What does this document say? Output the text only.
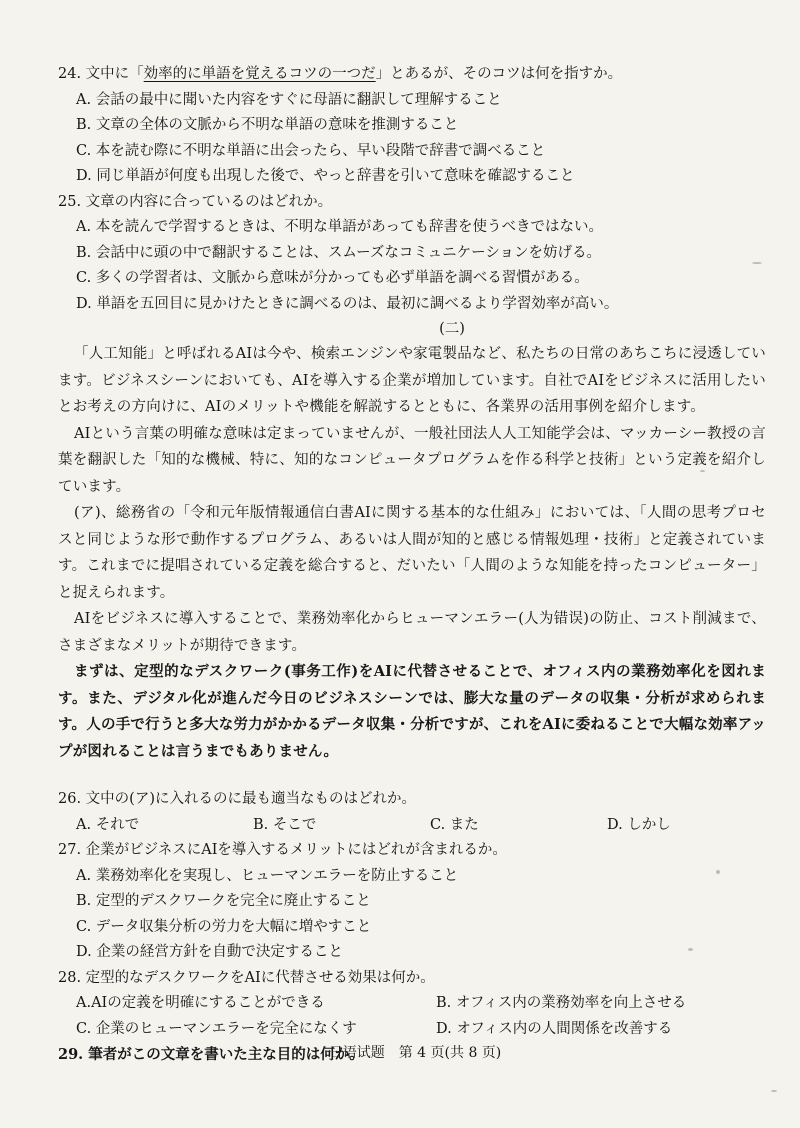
24. 文中に「効率的に単語を覚えるコツの一つだ」とあるが、そのコツは何を指すか。
A. 会話の最中に聞いた内容をすぐに母語に翻訳して理解すること
B. 文章の全体の文脈から不明な単語の意味を推測すること
C. 本を読む際に不明な単語に出会ったら、早い段階で辞書で調べること
D. 同じ単語が何度も出現した後で、やっと辞書を引いて意味を確認すること
25. 文章の内容に合っているのはどれか。
A. 本を読んで学習するときは、不明な単語があっても辞書を使うべきではない。
B. 会話中に頭の中で翻訳することは、スムーズなコミュニケーションを妨げる。
C. 多くの学習者は、文脈から意味が分かっても必ず単語を調べる習慣がある。
D. 単語を五回目に見かけたときに調べるのは、最初に調べるより学習効率が高い。
(二)
「人工知能」と呼ばれるAIは今や、検索エンジンや家電製品など、私たちの日常のあちこちに浸透しています。ビジネスシーンにおいても、AIを導入する企業が増加しています。自社でAIをビジネスに活用したいとお考えの方向けに、AIのメリットや機能を解説するとともに、各業界の活用事例を紹介します。
AIという言葉の明確な意味は定まっていませんが、一般社団法人人工知能学会は、マッカーシー教授の言葉を翻訳した「知的な機械、特に、知的なコンピュータプログラムを作る科学と技術」という定義を紹介しています。
(ア)、総務省の「令和元年版情報通信白書AIに関する基本的な仕組み」においては、「人間の思考プロセスと同じような形で動作するプログラム、あるいは人間が知的と感じる情報処理・技術」と定義されています。これまでに提唱されている定義を総合すると、だいたい「人間のような知能を持ったコンピューター」と捉えられます。
AIをビジネスに導入することで、業務効率化からヒューマンエラー(人为错误)の防止、コスト削減まで、さまざまなメリットが期待できます。
まずは、定型的なデスクワーク(事务工作)をAIに代替させることで、オフィス内の業務効率化を図れます。また、デジタル化が進んだ今日のビジネスシーンでは、膨大な量のデータの収集・分析が求められます。人の手で行うと多大な労力がかかるデータ収集・分析ですが、これをAIに委ねることで大幅な効率アップが図れることは言うまでもありません。
26. 文中の(ア)に入れるのに最も適当なものはどれか。
A. それで	B. そこで	C. また	D. しかし
27. 企業がビジネスにAIを導入するメリットにはどれが含まれるか。
A. 業務効率化を実現し、ヒューマンエラーを防止すること
B. 定型的デスクワークを完全に廃止すること
C. データ収集分析の労力を大幅に増やすこと
D. 企業の経営方針を自動で決定すること
28. 定型的なデスクワークをAIに代替させる効果は何か。
A.AIの定義を明確にすることができる	B. オフィス内の業務効率を向上させる
C. 企業のヒューマンエラーを完全になくす	D. オフィス内の人間関係を改善する
29. 筆者がこの文章を書いた主な目的は何か。
日语试题　第 4 页(共 8 页)
